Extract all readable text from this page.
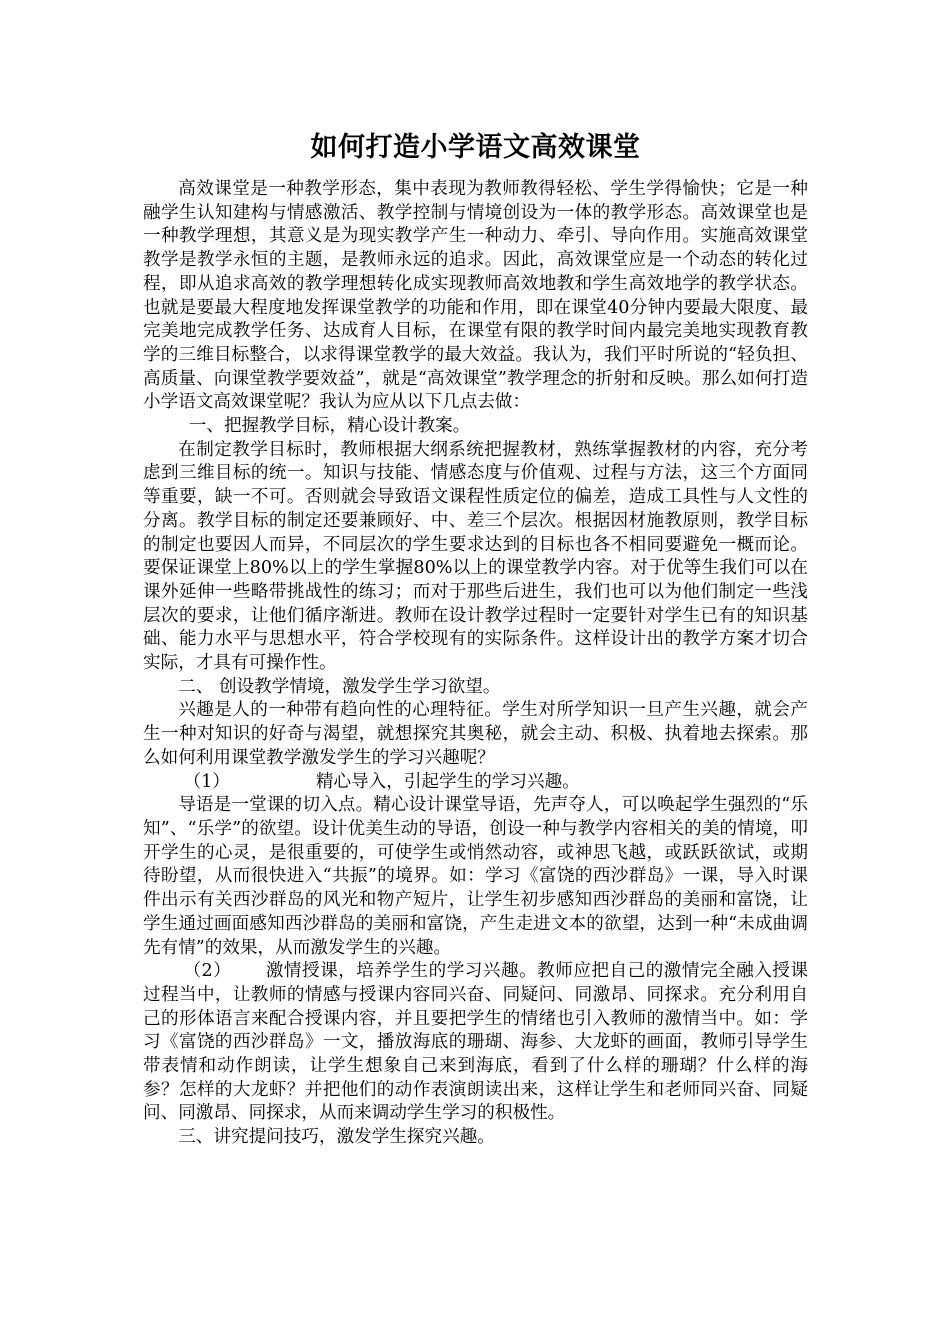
如何打造小学语文高效课堂

高效课堂是一种教学形态，集中表现为教师教得轻松、学生学得愉快；它是一种融学生认知建构与情感激活、教学控制与情境创设为一体的教学形态。高效课堂也是一种教学理想，其意义是为现实教学产生一种动力、牵引、导向作用。实施高效课堂教学是教学永恒的主题，是教师永远的追求。因此，高效课堂应是一个动态的转化过程，即从追求高效的教学理想转化成实现教师高效地教和学生高效地学的教学状态。也就是要最大程度地发挥课堂教学的功能和作用，即在课堂40分钟内要最大限度、最完美地完成教学任务、达成育人目标，在课堂有限的教学时间内最完美地实现教育教学的三维目标整合，以求得课堂教学的最大效益。我认为，我们平时所说的“轻负担、高质量、向课堂教学要效益”，就是“高效课堂”教学理念的折射和反映。那么如何打造小学语文高效课堂呢？我认为应从以下几点去做：

一、把握教学目标，精心设计教案。

在制定教学目标时，教师根据大纲系统把握教材，熟练掌握教材的内容，充分考虑到三维目标的统一。知识与技能、情感态度与价值观、过程与方法，这三个方面同等重要，缺一不可。否则就会导致语文课程性质定位的偏差，造成工具性与人文性的分离。教学目标的制定还要兼顾好、中、差三个层次。根据因材施教原则，教学目标的制定也要因人而异，不同层次的学生要求达到的目标也各不相同要避免一概而论。要保证课堂上80%以上的学生掌握80%以上的课堂教学内容。对于优等生我们可以在课外延伸一些略带挑战性的练习；而对于那些后进生，我们也可以为他们制定一些浅层次的要求，让他们循序渐进。教师在设计教学过程时一定要针对学生已有的知识基础、能力水平与思想水平，符合学校现有的实际条件。这样设计出的教学方案才切合实际，才具有可操作性。

二、 创设教学情境，激发学生学习欲望。

兴趣是人的一种带有趋向性的心理特征。学生对所学知识一旦产生兴趣，就会产生一种对知识的好奇与渴望，就想探究其奥秘，就会主动、积极、执着地去探索。那么如何利用课堂教学激发学生的学习兴趣呢？

（1）	精心导入，引起学生的学习兴趣。

导语是一堂课的切入点。精心设计课堂导语，先声夺人，可以唤起学生强烈的“乐知”、“乐学”的欲望。设计优美生动的导语，创设一种与教学内容相关的美的情境，叩开学生的心灵，是很重要的，可使学生或悄然动容，或神思飞越，或跃跃欲试，或期待盼望，从而很快进入“共振”的境界。如：学习《富饶的西沙群岛》一课，导入时课件出示有关西沙群岛的风光和物产短片，让学生初步感知西沙群岛的美丽和富饶，让学生通过画面感知西沙群岛的美丽和富饶，产生走进文本的欲望，达到一种“未成曲调先有情”的效果，从而激发学生的兴趣。

（2） 激情授课，培养学生的学习兴趣。教师应把自己的激情完全融入授课过程当中，让教师的情感与授课内容同兴奋、同疑问、同激昂、同探求。充分利用自己的形体语言来配合授课内容，并且要把学生的情绪也引入教师的激情当中。如：学习《富饶的西沙群岛》一文，播放海底的珊瑚、海参、大龙虾的画面，教师引导学生带表情和动作朗读，让学生想象自己来到海底，看到了什么样的珊瑚？什么样的海参？怎样的大龙虾？并把他们的动作表演朗读出来，这样让学生和老师同兴奋、同疑问、同激昂、同探求，从而来调动学生学习的积极性。

三、讲究提问技巧，激发学生探究兴趣。
